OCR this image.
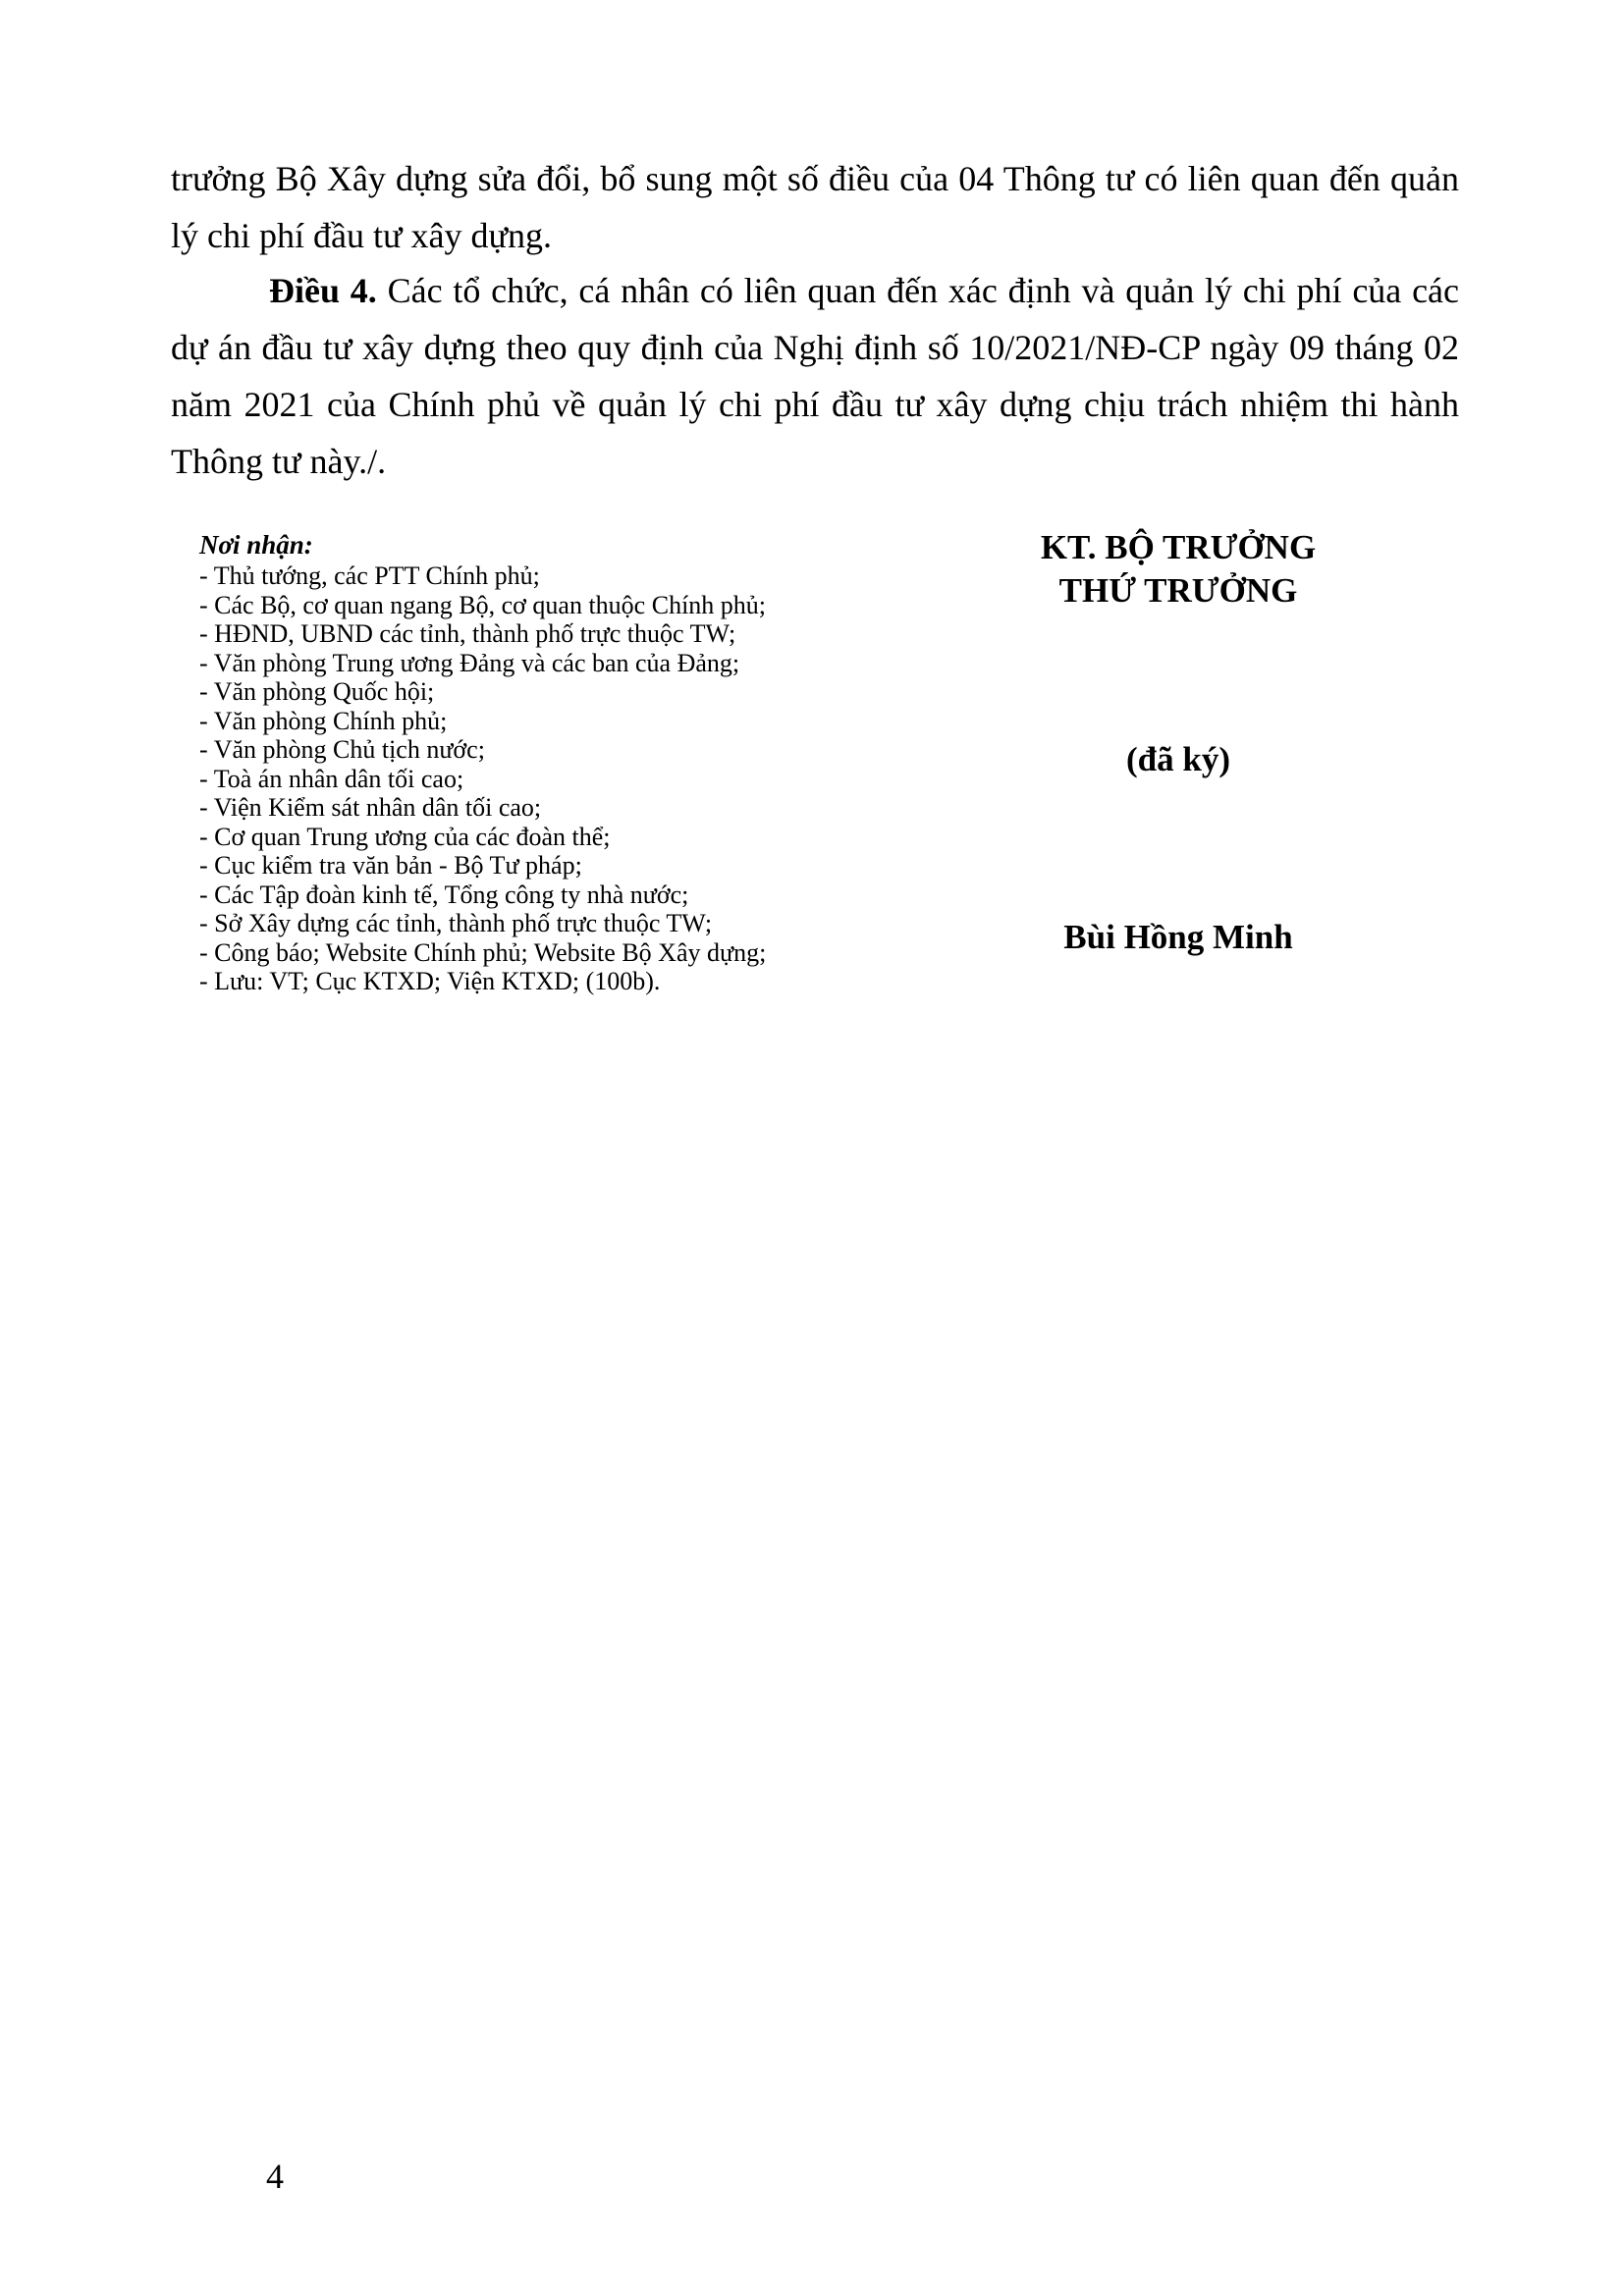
trưởng Bộ Xây dựng sửa đổi, bổ sung một số điều của 04 Thông tư có liên quan đến quản lý chi phí đầu tư xây dựng.

Điều 4. Các tổ chức, cá nhân có liên quan đến xác định và quản lý chi phí của các dự án đầu tư xây dựng theo quy định của Nghị định số 10/2021/NĐ-CP ngày 09 tháng 02 năm 2021 của Chính phủ về quản lý chi phí đầu tư xây dựng chịu trách nhiệm thi hành Thông tư này./.

Nơi nhận:
- Thủ tướng, các PTT Chính phủ;
- Các Bộ, cơ quan ngang Bộ, cơ quan thuộc Chính phủ;
- HĐND, UBND các tỉnh, thành phố trực thuộc TW;
- Văn phòng Trung ương Đảng và các ban của Đảng;
- Văn phòng Quốc hội;
- Văn phòng Chính phủ;
- Văn phòng Chủ tịch nước;
- Toà án nhân dân tối cao;
- Viện Kiểm sát nhân dân tối cao;
- Cơ quan Trung ương của các đoàn thể;
- Cục kiểm tra văn bản - Bộ Tư pháp;
- Các Tập đoàn kinh tế, Tổng công ty nhà nước;
- Sở Xây dựng các tỉnh, thành phố trực thuộc TW;
- Công báo; Website Chính phủ; Website Bộ Xây dựng;
- Lưu: VT; Cục KTXD; Viện KTXD; (100b).
KT. BỘ TRƯỞNG
THỨ TRƯỞNG
(đã ký)
Bùi Hồng Minh
4
